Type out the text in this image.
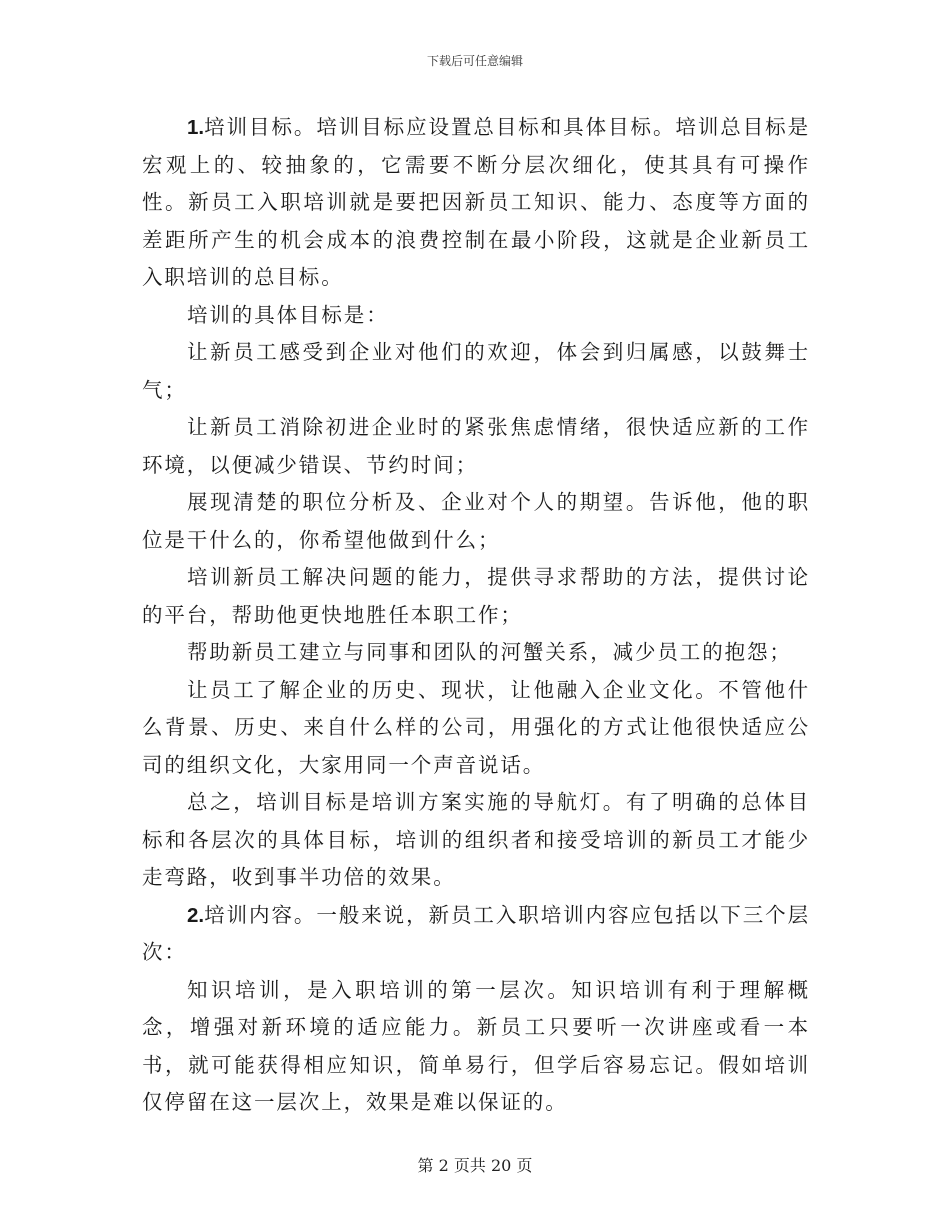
下载后可任意编辑

1.培训目标。培训目标应设置总目标和具体目标。培训总目标是宏观上的、较抽象的，它需要不断分层次细化，使其具有可操作性。新员工入职培训就是要把因新员工知识、能力、态度等方面的差距所产生的机会成本的浪费控制在最小阶段，这就是企业新员工入职培训的总目标。

培训的具体目标是：

让新员工感受到企业对他们的欢迎，体会到归属感，以鼓舞士气；

让新员工消除初进企业时的紧张焦虑情绪，很快适应新的工作环境，以便减少错误、节约时间；

展现清楚的职位分析及、企业对个人的期望。告诉他，他的职位是干什么的，你希望他做到什么；

培训新员工解决问题的能力，提供寻求帮助的方法，提供讨论的平台，帮助他更快地胜任本职工作；

帮助新员工建立与同事和团队的河蟹关系，减少员工的抱怨；

让员工了解企业的历史、现状，让他融入企业文化。不管他什么背景、历史、来自什么样的公司，用强化的方式让他很快适应公司的组织文化，大家用同一个声音说话。

总之，培训目标是培训方案实施的导航灯。有了明确的总体目标和各层次的具体目标，培训的组织者和接受培训的新员工才能少走弯路，收到事半功倍的效果。

2.培训内容。一般来说，新员工入职培训内容应包括以下三个层次：

知识培训，是入职培训的第一层次。知识培训有利于理解概念，增强对新环境的适应能力。新员工只要听一次讲座或看一本书，就可能获得相应知识，简单易行，但学后容易忘记。假如培训仅停留在这一层次上，效果是难以保证的。

第 2 页共 20 页
